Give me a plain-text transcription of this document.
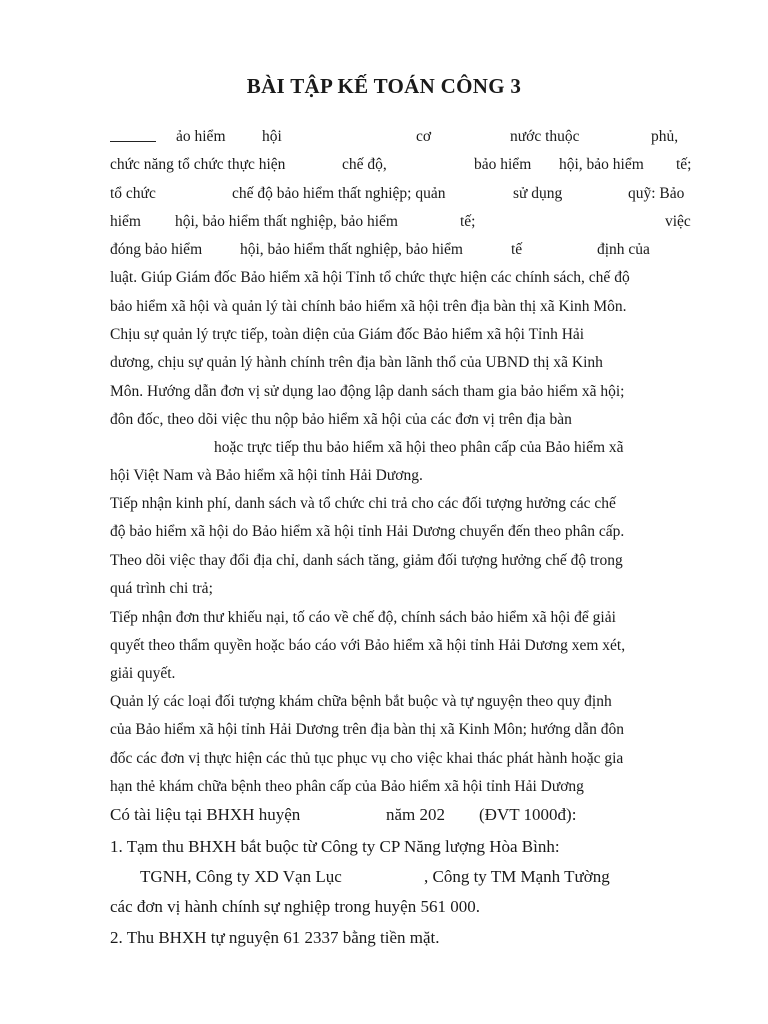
BÀI TẬP KẾ TOÁN CÔNG 3
ảo hiểm hội	cơ	nước thuộc	phủ,
chức năng tổ chức thực hiện	chế độ,	bảo hiểm hội, bảo hiểm tế;
tổ chức	chế độ bảo hiểm thất nghiệp; quản	sử dụng	quỹ: Bảo
hiểm hội, bảo hiểm thất nghiệp, bảo hiểm	tế;	việc
đóng bảo hiểm hội, bảo hiểm thất nghiệp, bảo hiểm	tế	định của
luật. Giúp Giám đốc Bảo hiểm xã hội Tỉnh tổ chức thực hiện các chính sách, chế độ
bảo hiểm xã hội và quản lý tài chính bảo hiểm xã hội trên địa bàn thị xã Kinh Môn.
Chịu sự quản lý trực tiếp, toàn diện của Giám đốc Bảo hiểm xã hội Tỉnh Hải
dương, chịu sự quản lý hành chính trên địa bàn lãnh thổ của UBND thị xã Kinh
Môn. Hướng dẫn đơn vị sử dụng lao động lập danh sách tham gia bảo hiểm xã hội;
đôn đốc, theo dõi việc thu nộp bảo hiểm xã hội của các đơn vị trên địa bàn
hoặc trực tiếp thu bảo hiểm xã hội theo phân cấp của Bảo hiểm xã
hội Việt Nam và Bảo hiểm xã hội tỉnh Hải Dương.
Tiếp nhận kinh phí, danh sách và tổ chức chi trả cho các đối tượng hưởng các chế
độ bảo hiểm xã hội do Bảo hiểm xã hội tỉnh Hải Dương chuyển đến theo phân cấp.
Theo dõi việc thay đổi địa chỉ, danh sách tăng, giảm đối tượng hưởng chế độ trong
quá trình chi trả;
Tiếp nhận đơn thư khiếu nại, tố cáo về chế độ, chính sách bảo hiểm xã hội để giải
quyết theo thẩm quyền hoặc báo cáo với Bảo hiểm xã hội tỉnh Hải Dương xem xét,
giải quyết.
Quản lý các loại đối tượng khám chữa bệnh bắt buộc và tự nguyện theo quy định
của Bảo hiểm xã hội tỉnh Hải Dương trên địa bàn thị xã Kinh Môn; hướng dẫn đôn
đốc các đơn vị thực hiện các thủ tục phục vụ cho việc khai thác phát hành hoặc gia
hạn thẻ khám chữa bệnh theo phân cấp của Bảo hiểm xã hội tỉnh Hải Dương
Có tài liệu tại BHXH huyện	năm 202 (ĐVT 1000đ):
1. Tạm thu BHXH bắt buộc từ Công ty CP Năng lượng Hòa Bình:
TGNH, Công ty XD Vạn Lục	, Công ty TM Mạnh Tường
các đơn vị hành chính sự nghiệp trong huyện 561 000.
2. Thu BHXH tự nguyện 61 2337 bằng tiền mặt.
